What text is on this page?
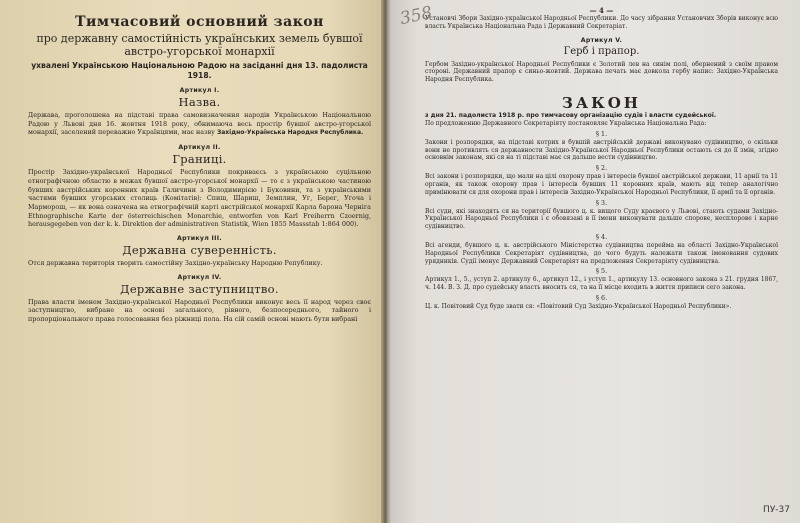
Тимчасовий основний закон
про державну самостійність українських земель бувшої австро-угорської монархії
ухвалені Українською Національною Радою на засіданні дня 13. падолиста 1918.
Артикул I.
Назва.
Держава, проголошена на підставі права самовизначення народів Українською Національною Радою у Львові дня 16. жовтня 1918 року, обнимаюча весь простір бувшої австро-угорської монархії, заселений переважно Українцями, має назву Західно-Українська Народня Республика.
Артикул II.
Границі.
Простір Західно-української Народньої Республики покриваєсь з українською суцільною етнографічною областю в межах бувшої австро-угорської монархії — то є з українською частиною бувших австрійських коронних країв Галичини з Володимирією і Буковини, та з українськими частями бувших угорських столиць (Комітатів): Спиш, Шариш, Земплин, Уг, Берег, Угоча і Марморош, — як вона означена на етнографічній карті австрійської монархії Карла барона Черніга Ethnographische Karte der österreichischen Monarchie, entworfen von Karl Freiherrn Czoernig, herausgegeben von der k. k. Direktion der administrativen Statistik, Wien 1855 Massstab 1:864 000).
Артикул III.
Державна суверенність.
Отся державна територія творить самостійну Західно-українську Народню Републику.
Артикул IV.
Державне заступництво.
Права власти іменем Західно-української Народньої Республики виконує весь її народ через своє заступництво, вибране на основі загального, рівного, безпосереднього, тайного і пропорціонального права голосовання без ріжниці пола. На сій самій основі мають бути вибрані
— 4 —
Установчі Збори Західно-української Народньої Республики. До часу зібрання Установчих Зборів виконує всю власть Українська Національна Рада і Державний Секретаріат.
Артикул V.
Герб і прапор.
Гербом Західно-української Народньої Республики є Золотий лев на синім полі, обернений з своїм правом стороні. Державний прапор є синьо-жовтий. Держава печать має довкола гербу напис: Західно-Українська Народня Республика.
ЗАКОН
з дня 21. падолиста 1918 р. про тимчасову організацію судів і власти судейської.
По предложенню Державного Секретаріяту постановляє Українська Національна Рада:
§ 1.
Закони і розпорядки, на підставі котрих в бувшій австрійській державі виконувано судівництво, о скільки вони не противлять ся державности Західно-Української Народньої Республики остають ся до її змін, згідно основнім законам, які ся на ті підставі має ся дальше вести судівництво.
§ 2.
Всі закони і розпорядки, що мали на цілі охорону прав і інтересів бувшої австрійської держави, 11 арнії та 11 органів, як також охорону прав і інтересів бувших 11 коронних країв, мають від тепер аналогічно примінювати ся для охорони прав і інтересів Західно-Української Народньої Республики, її армії та її органів.
§ 3.
Всі суди, які знаходять ся на території бувшого ц. к. вищого Суду краєвого у Львові, стають судами Західно-Української Народньої Республики і є обовязані в її імени виконувати дальше спорове, несплорове і карне судівництво.
§ 4.
Всі агенди, бувшого ц. к. австрійського Міністерства судівництва перейма на області Західно-Української Народньої Республики Секретаріят судівництва, до чого будуть належати також іменовання судових урядників. Судії іменує Державний Секретаріят на предложення Секретаріяту судівництва.
§ 5.
Артикул 1., 5., уступ 2. артикулу 6., артикул 12., і уступ 1., артикулу 13. основного закона з 21. грудня 1867, ч. 144. В. З. Д. про судейську власть вносить ся, та на її місце входить в життя приписи сего закона.
§ 6.
Ц. к. Повітовий Суд буде звати ся: «Повітовий Суд Західно-Української Народньої Республики».
358
ПУ-37
